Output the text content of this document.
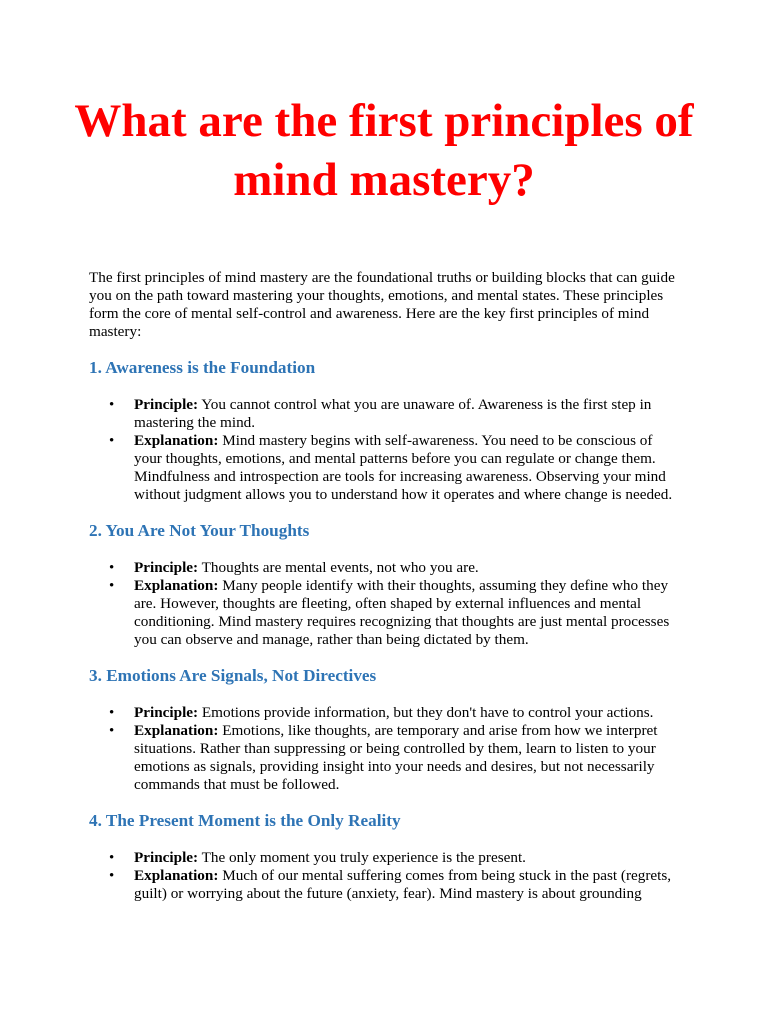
What are the first principles of mind mastery?

The first principles of mind mastery are the foundational truths or building blocks that can guide you on the path toward mastering your thoughts, emotions, and mental states. These principles form the core of mental self-control and awareness. Here are the key first principles of mind mastery:

1. Awareness is the Foundation
• Principle: You cannot control what you are unaware of. Awareness is the first step in mastering the mind.
• Explanation: Mind mastery begins with self-awareness. You need to be conscious of your thoughts, emotions, and mental patterns before you can regulate or change them. Mindfulness and introspection are tools for increasing awareness. Observing your mind without judgment allows you to understand how it operates and where change is needed.
2. You Are Not Your Thoughts
• Principle: Thoughts are mental events, not who you are.
• Explanation: Many people identify with their thoughts, assuming they define who they are. However, thoughts are fleeting, often shaped by external influences and mental conditioning. Mind mastery requires recognizing that thoughts are just mental processes you can observe and manage, rather than being dictated by them.
3. Emotions Are Signals, Not Directives
• Principle: Emotions provide information, but they don't have to control your actions.
• Explanation: Emotions, like thoughts, are temporary and arise from how we interpret situations. Rather than suppressing or being controlled by them, learn to listen to your emotions as signals, providing insight into your needs and desires, but not necessarily commands that must be followed.
4. The Present Moment is the Only Reality
• Principle: The only moment you truly experience is the present.
• Explanation: Much of our mental suffering comes from being stuck in the past (regrets, guilt) or worrying about the future (anxiety, fear). Mind mastery is about grounding
